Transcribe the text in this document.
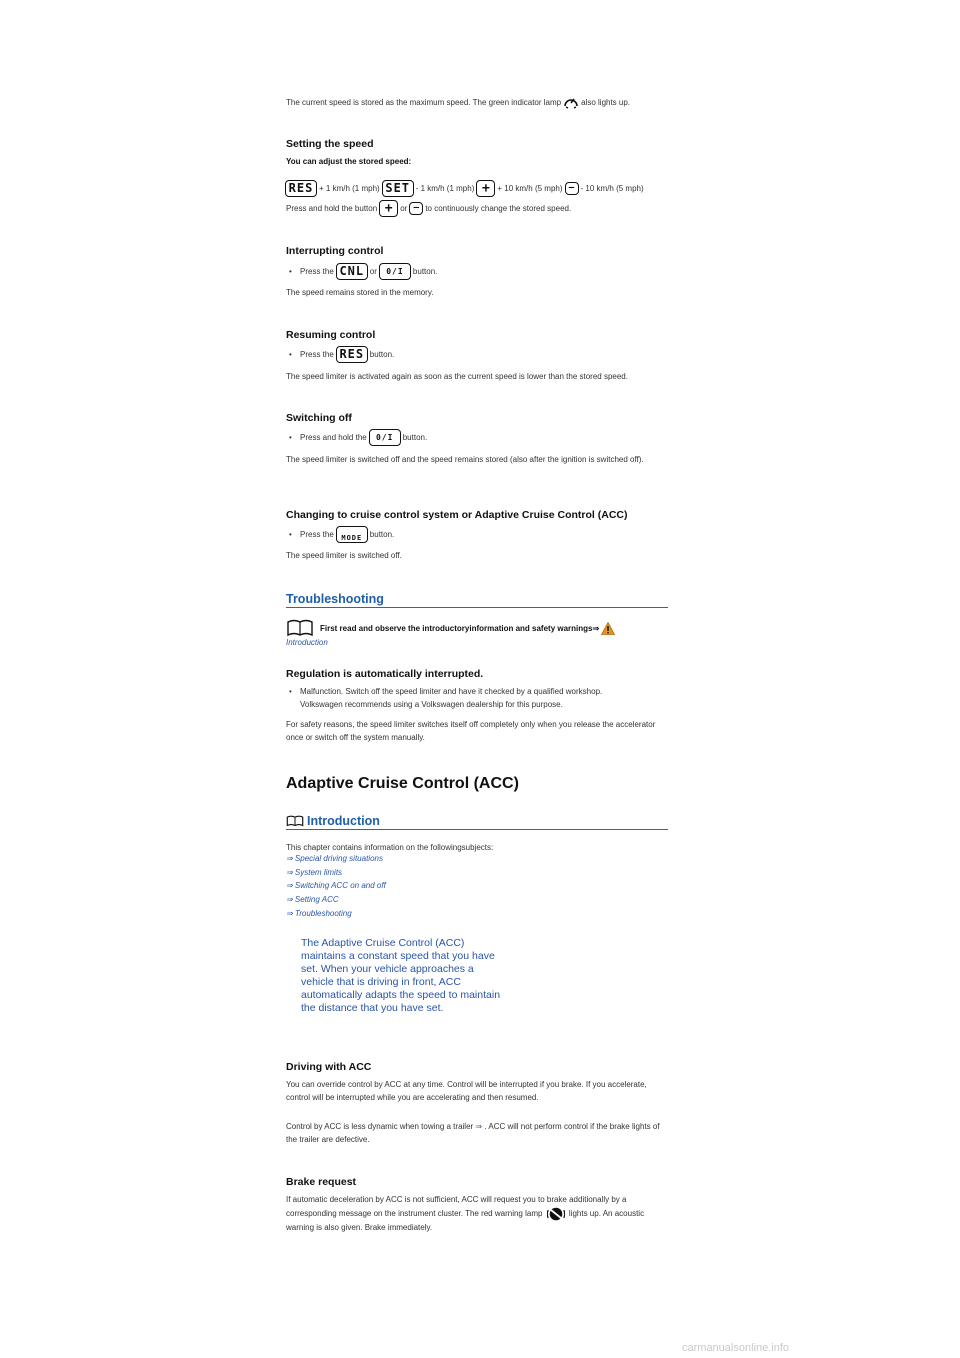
The current speed is stored as the maximum speed. The green indicator lamp	also lights up.
Setting the speed
You can adjust the stored speed:
RES + 1 km/h (1 mph) SET - 1 km/h (1 mph) + + 10 km/h (5 mph) – - 10 km/h (5 mph)
Press and hold the button + or – to continuously change the stored speed.
Interrupting control
• Press the CNL or	0/I	button.
The speed remains stored in the memory.
Resuming control
• Press the RES button.
The speed limiter is activated again as soon as the current speed is lower than the stored speed.
Switching off
• Press and hold the	0/I	button.
The speed limiter is switched off and the speed remains stored (also after the ignition is switched off).
Changing to cruise control system or Adaptive Cruise Control (ACC)
• Press the	MODE button.
The speed limiter is switched off.
Troubleshooting
First read and observe the introductoryinformation and safety warnings⇒
Introduction
Regulation is automatically interrupted.
• Malfunction. Switch off the speed limiter and have it checked by a qualified workshop. Volkswagen recommends using a Volkswagen dealership for this purpose.
For safety reasons, the speed limiter switches itself off completely only when you release the accelerator once or switch off the system manually.
Adaptive Cruise Control (ACC)
Introduction
This chapter contains information on the followingsubjects:
⇒ Special driving situations
⇒ System limits
⇒ Switching ACC on and off
⇒ Setting ACC
⇒ Troubleshooting
The Adaptive Cruise Control (ACC) maintains a constant speed that you have set. When your vehicle approaches a vehicle that is driving in front, ACC automatically adapts the speed to maintain the distance that you have set.
Driving with ACC
You can override control by ACC at any time. Control will be interrupted if you brake. If you accelerate, control will be interrupted while you are accelerating and then resumed.
Control by ACC is less dynamic when towing a trailer ⇒ . ACC will not perform control if the brake lights of the trailer are defective.
Brake request
If automatic deceleration by ACC is not sufficient, ACC will request you to brake additionally by a corresponding message on the instrument cluster. The red warning lamp	lights up. An acoustic warning is also given. Brake immediately.
carmanualsonline.info
